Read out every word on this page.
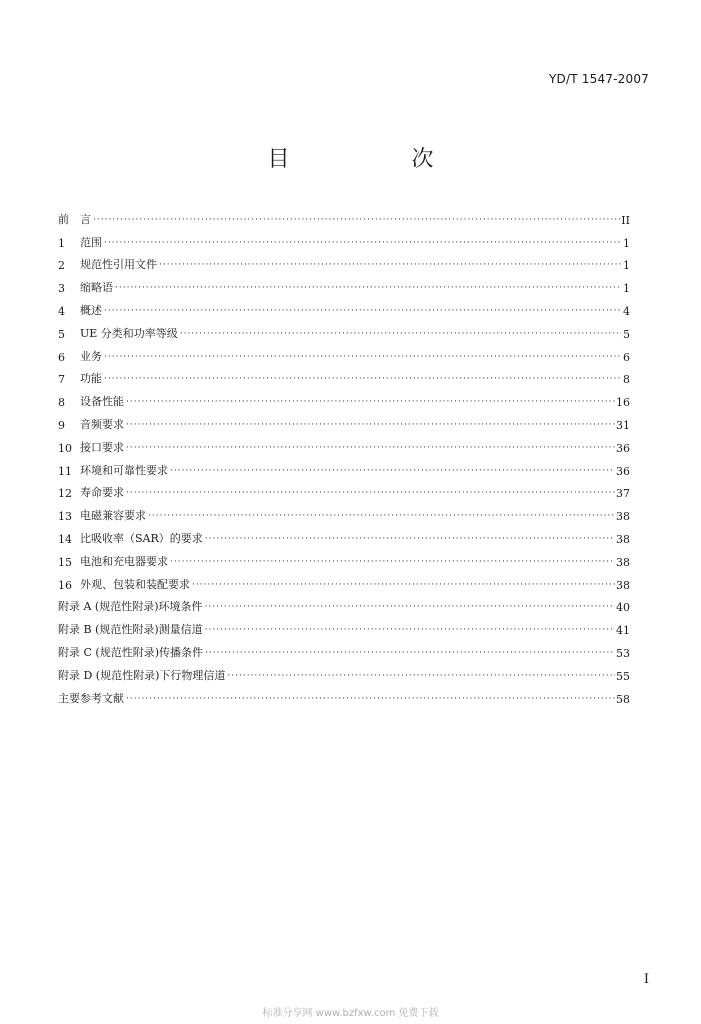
YD/T 1547-2007
目　　次
前　言 ·····	II
1	范围 ·····	1
2	规范性引用文件 ·····	1
3	缩略语 ·····	1
4	概述 ·····	4
5	UE 分类和功率等级 ·····	5
6	业务 ·····	6
7	功能 ·····	8
8	设备性能 ·····	16
9	音频要求 ·····	31
10 接口要求 ·····	36
11 环境和可靠性要求 ·····	36
12 寿命要求 ·····	37
13 电磁兼容要求 ·····	38
14 比吸收率（SAR）的要求 ·····	38
15 电池和充电器要求 ·····	38
16 外观、包装和装配要求 ·····	38
附录 A (规范性附录)环境条件 ·····	40
附录 B (规范性附录)测量信道 ·····	41
附录 C (规范性附录)传播条件 ·····	53
附录 D (规范性附录)下行物理信道 ·····	55
主要参考文献 ·····	58
I
标准分享网 www.bzfxw.com 免费下载
